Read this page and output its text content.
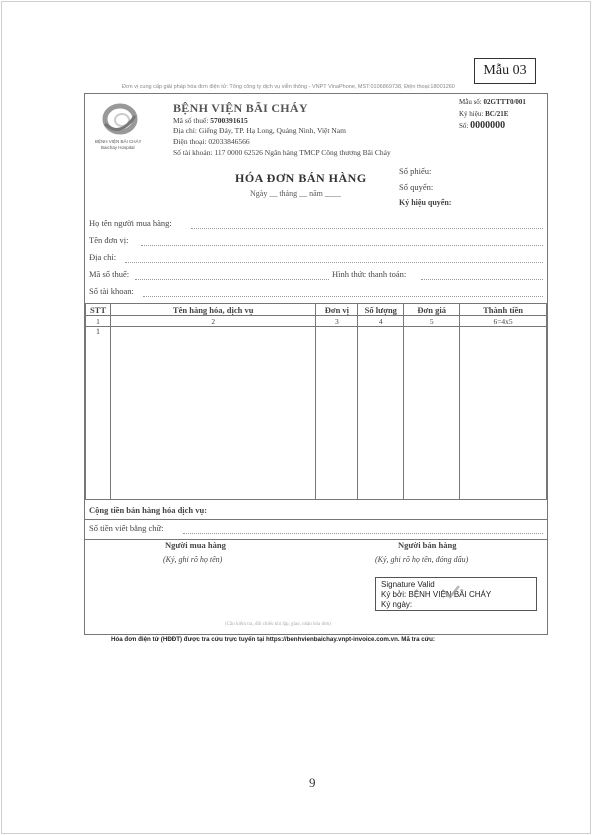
Mẫu 03
Đơn vị cung cấp giải pháp hóa đơn điện tử: Tổng công ty dịch vụ viễn thông - VNPT VinaPhone, MST:0106869738, Điện thoại:18001260
BỆNH VIỆN BÃI CHÁY
Baichay Hospital
BỆNH VIỆN BÃI CHÁY
Mã số thuế: 5700391615
Địa chỉ: Giếng Đáy, TP. Hạ Long, Quảng Ninh, Việt Nam
Điện thoại: 02033846566
Số tài khoản: 117 0000 62526 Ngân hàng TMCP Công thương Bãi Cháy
Mẫu số: 02GTTT0/001
Ký hiệu: BC/21E
Số: 0000000
HÓA ĐƠN BÁN HÀNG
Ngày __ tháng __ năm ____
Số phiếu:
Số quyển:
Ký hiệu quyển:
Họ tên người mua hàng:
Tên đơn vị:
Địa chỉ:
Mã số thuế:	Hình thức thanh toán:
Số tài khoan:
STT	Tên hàng hóa, dịch vụ	Đơn vị	Số lượng	Đơn giá	Thành tiền
1	2	3	4	5	6=4x5
1					
Cộng tiền bán hàng hóa dịch vụ:
Số tiền viết bằng chữ:
Người mua hàng
(Ký, ghi rõ họ tên)
Người bán hàng
(Ký, ghi rõ họ tên, đóng dấu)
Signature Valid
Ký bởi: BỆNH VIỆN BÃI CHÁY
Ký ngày:
(Cần kiểm tra, đối chiếu khi lập, giao, nhận hóa đơn)
Hóa đơn điện tử (HĐĐT) được tra cứu trực tuyến tại https://benhvienbaichay.vnpt-invoice.com.vn. Mã tra cứu:
9
